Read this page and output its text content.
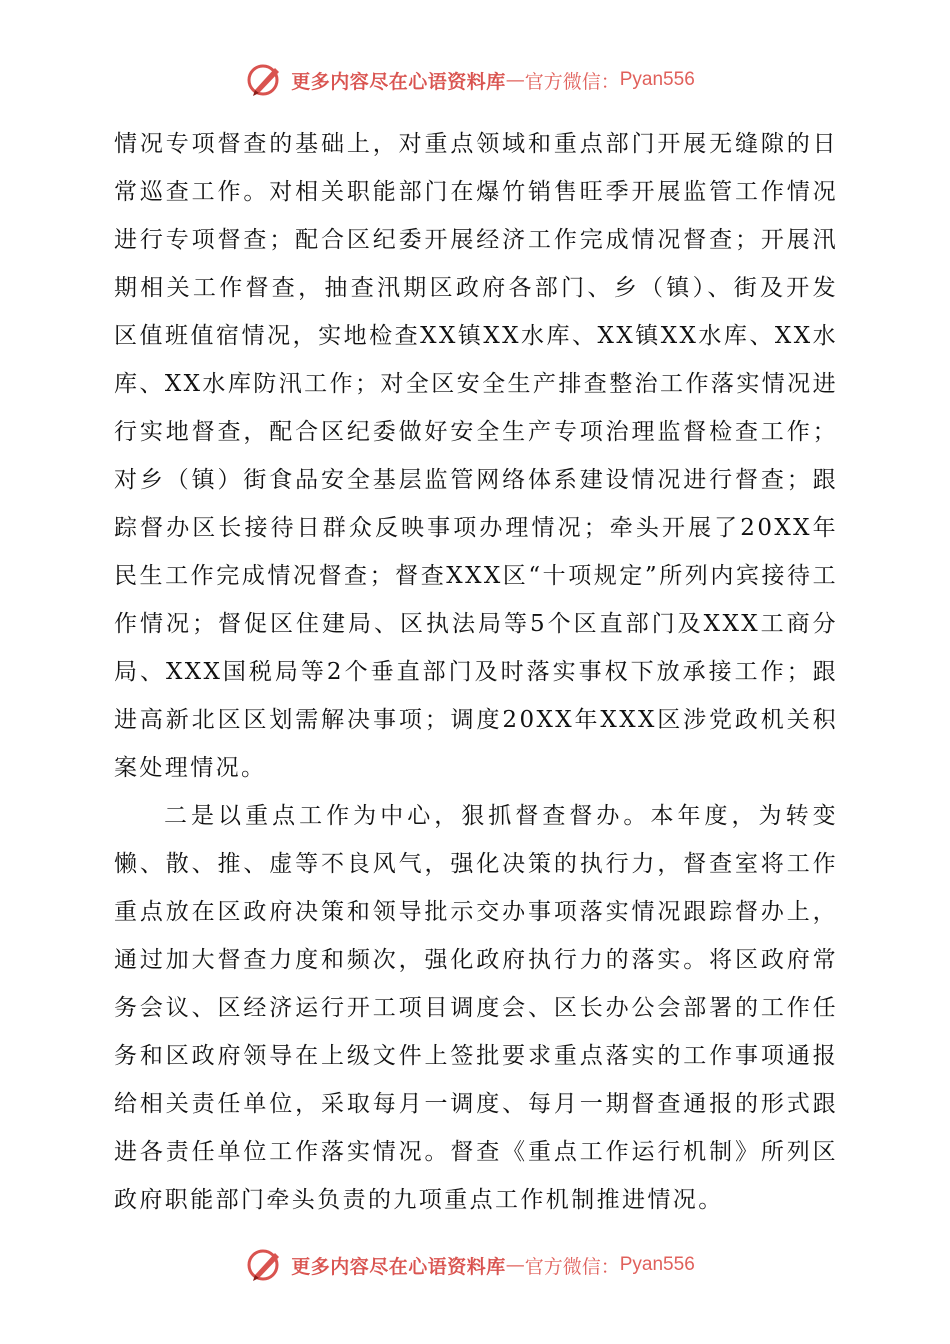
更多内容尽在心语资料库 — 官方微信： Pyan556

情况专项督查的基础上，对重点领域和重点部门开展无缝隙的日常巡查工作。对相关职能部门在爆竹销售旺季开展监管工作情况进行专项督查；配合区纪委开展经济工作完成情况督查；开展汛期相关工作督查，抽查汛期区政府各部门、乡（镇）、街及开发区值班值宿情况，实地检查XX镇XX水库、XX镇XX水库、XX水库、XX水库防汛工作；对全区安全生产排查整治工作落实情况进行实地督查，配合区纪委做好安全生产专项治理监督检查工作；对乡（镇）街食品安全基层监管网络体系建设情况进行督查；跟踪督办区长接待日群众反映事项办理情况；牵头开展了20XX年民生工作完成情况督查；督查XXX区“十项规定”所列内宾接待工作情况；督促区住建局、区执法局等5个区直部门及XXX工商分局、XXX国税局等2个垂直部门及时落实事权下放承接工作；跟进高新北区区划需解决事项；调度20XX年XXX区涉党政机关积案处理情况。

二是以重点工作为中心，狠抓督查督办。本年度，为转变懒、散、推、虚等不良风气，强化决策的执行力，督查室将工作重点放在区政府决策和领导批示交办事项落实情况跟踪督办上，通过加大督查力度和频次，强化政府执行力的落实。将区政府常务会议、区经济运行开工项目调度会、区长办公会部署的工作任务和区政府领导在上级文件上签批要求重点落实的工作事项通报给相关责任单位，采取每月一调度、每月一期督查通报的形式跟进各责任单位工作落实情况。督查《重点工作运行机制》所列区政府职能部门牵头负责的九项重点工作机制推进情况。

更多内容尽在心语资料库 — 官方微信： Pyan556
